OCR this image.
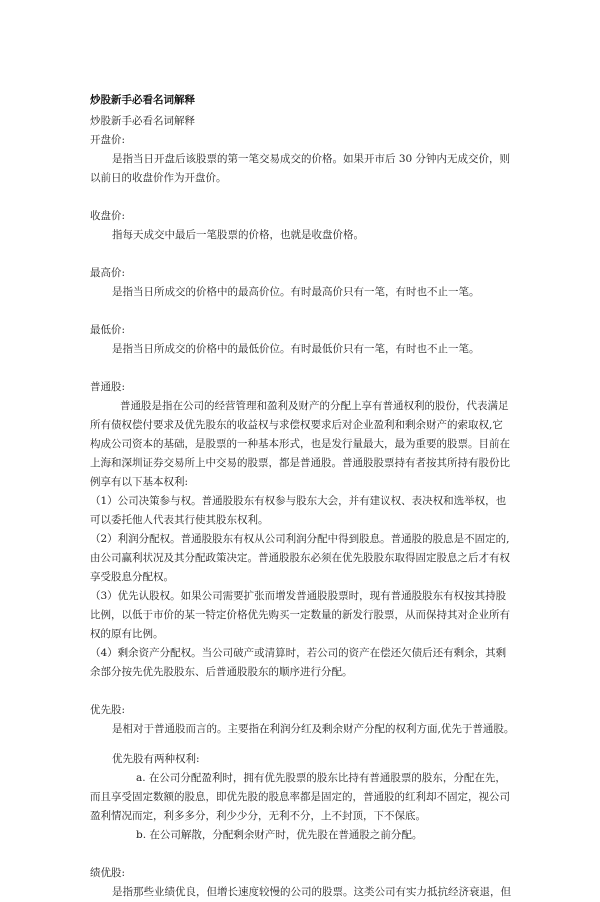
炒股新手必看名词解释
炒股新手必看名词解释
开盘价:
是指当日开盘后该股票的第一笔交易成交的价格。如果开市后 30 分钟内无成交价，则
以前日的收盘价作为开盘价。
收盘价:
指每天成交中最后一笔股票的价格，也就是收盘价格。
最高价:
是指当日所成交的价格中的最高价位。有时最高价只有一笔，有时也不止一笔。
最低价:
是指当日所成交的价格中的最低价位。有时最低价只有一笔，有时也不止一笔。
普通股:
普通股是指在公司的经营管理和盈利及财产的分配上享有普通权利的股份，代表满足
所有债权偿付要求及优先股东的收益权与求偿权要求后对企业盈利和剩余财产的索取权,它
构成公司资本的基础，是股票的一种基本形式，也是发行量最大，最为重要的股票。目前在
上海和深圳证券交易所上中交易的股票，都是普通股。普通股股票持有者按其所持有股份比
例享有以下基本权利:
（1）公司决策参与权。普通股股东有权参与股东大会，并有建议权、表决权和选举权，也
可以委托他人代表其行使其股东权利。
（2）利润分配权。普通股股东有权从公司利润分配中得到股息。普通股的股息是不固定的,
由公司赢利状况及其分配政策决定。普通股股东必须在优先股股东取得固定股息之后才有权
享受股息分配权。
（3）优先认股权。如果公司需要扩张而增发普通股股票时，现有普通股股东有权按其持股
比例，以低于市价的某一特定价格优先购买一定数量的新发行股票，从而保持其对企业所有
权的原有比例。
（4）剩余资产分配权。当公司破产或清算时，若公司的资产在偿还欠债后还有剩余，其剩
余部分按先优先股股东、后普通股股东的顺序进行分配。
优先股:
是相对于普通股而言的。主要指在利润分红及剩余财产分配的权利方面,优先于普通股。
优先股有两种权利:
a. 在公司分配盈利时，拥有优先股票的股东比持有普通股票的股东，分配在先，
而且享受固定数额的股息，即优先股的股息率都是固定的，普通股的红利却不固定，视公司
盈利情况而定，利多多分，利少少分，无利不分，上不封顶，下不保底。
b. 在公司解散，分配剩余财产时，优先股在普通股之前分配。
绩优股:
是指那些业绩优良，但增长速度较慢的公司的股票。这类公司有实力抵抗经济衰退，但
